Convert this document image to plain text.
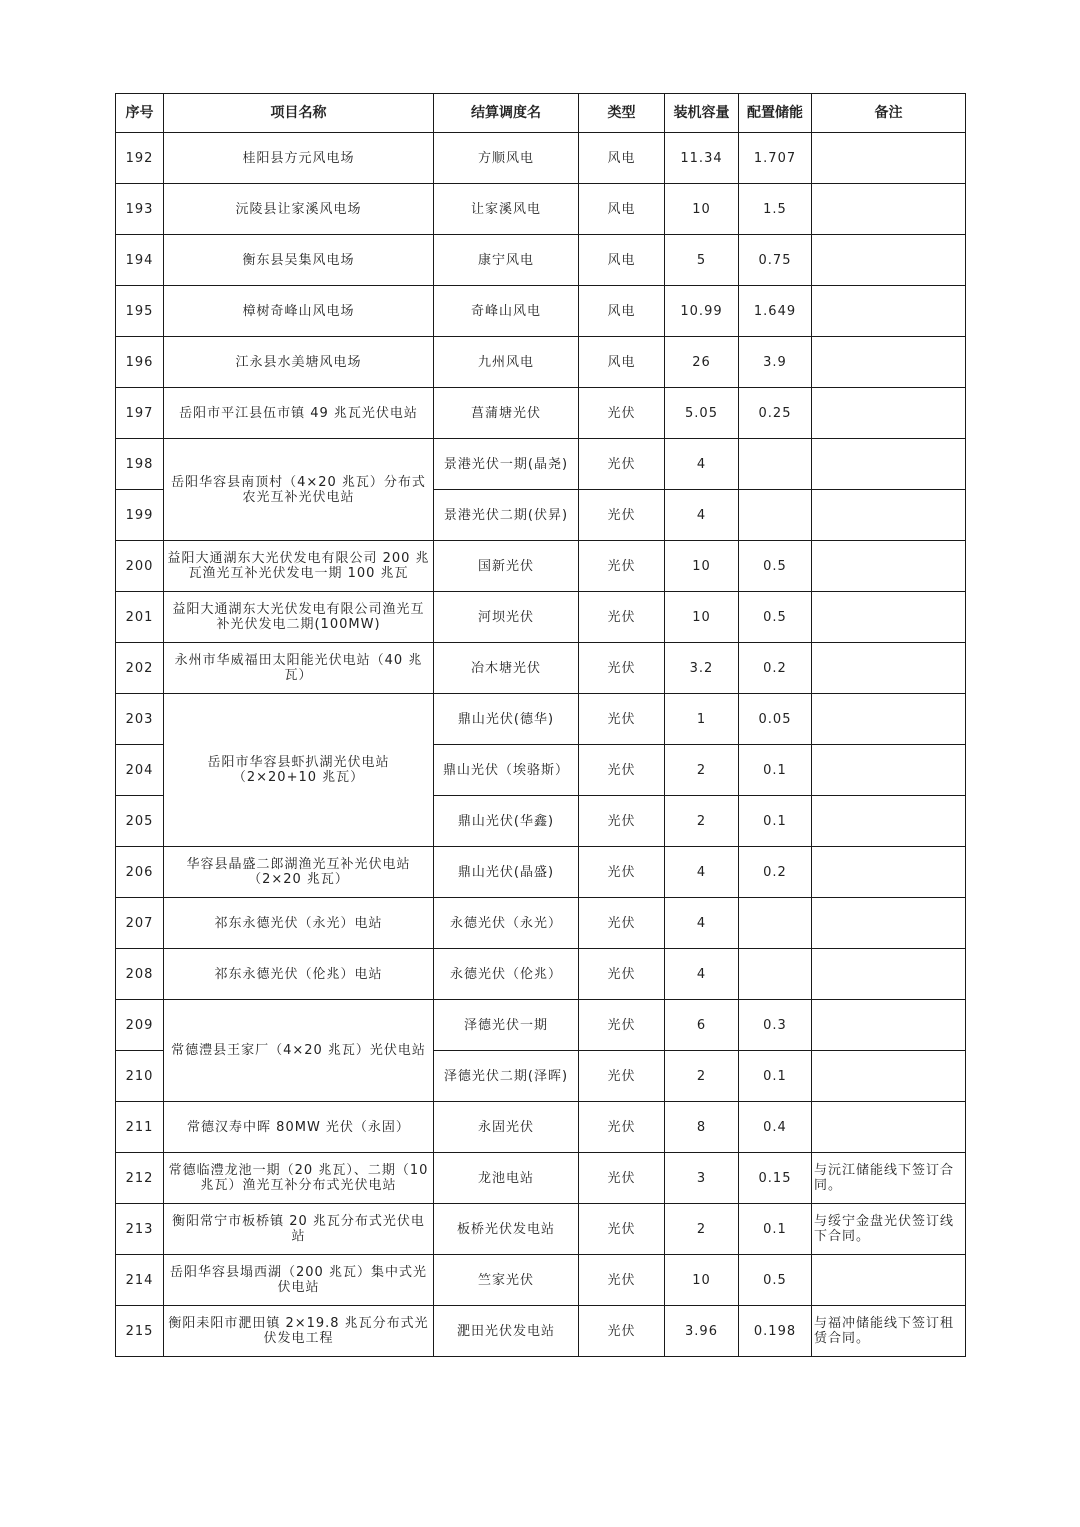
序号	项目名称	结算调度名	类型	装机容量	配置储能	备注
192	桂阳县方元风电场	方顺风电	风电	11.34	1.707	
193	沅陵县让家溪风电场	让家溪风电	风电	10	1.5	
194	衡东县吴集风电场	康宁风电	风电	5	0.75	
195	樟树奇峰山风电场	奇峰山风电	风电	10.99	1.649	
196	江永县水美塘风电场	九州风电	风电	26	3.9	
197	岳阳市平江县伍市镇 49 兆瓦光伏电站	菖蒲塘光伏	光伏	5.05	0.25	
198	岳阳华容县南顶村（4×20 兆瓦）分布式农光互补光伏电站	景港光伏一期(晶尧)	光伏	4		
199		景港光伏二期(伏昇)	光伏	4		
200	益阳大通湖东大光伏发电有限公司 200 兆瓦渔光互补光伏发电一期 100 兆瓦	国新光伏	光伏	10	0.5	
201	益阳大通湖东大光伏发电有限公司渔光互补光伏发电二期(100MW)	河坝光伏	光伏	10	0.5	
202	永州市华威福田太阳能光伏电站（40 兆瓦）	冶木塘光伏	光伏	3.2	0.2	
203	岳阳市华容县虾扒湖光伏电站（2×20+10 兆瓦）	鼎山光伏(德华)	光伏	1	0.05	
204		鼎山光伏（埃骆斯）	光伏	2	0.1	
205		鼎山光伏(华鑫)	光伏	2	0.1	
206	华容县晶盛二郎湖渔光互补光伏电站（2×20 兆瓦）	鼎山光伏(晶盛)	光伏	4	0.2	
207	祁东永德光伏（永光）电站	永德光伏（永光）	光伏	4		
208	祁东永德光伏（伦兆）电站	永德光伏（伦兆）	光伏	4		
209	常德澧县王家厂（4×20 兆瓦）光伏电站	泽德光伏一期	光伏	6	0.3	
210		泽德光伏二期(泽晖)	光伏	2	0.1	
211	常德汉寿中晖 80MW 光伏（永固）	永固光伏	光伏	8	0.4	
212	常德临澧龙池一期（20 兆瓦）、二期（10 兆瓦）渔光互补分布式光伏电站	龙池电站	光伏	3	0.15	与沅江储能线下签订合同。
213	衡阳常宁市板桥镇 20 兆瓦分布式光伏电站	板桥光伏发电站	光伏	2	0.1	与绥宁金盘光伏签订线下合同。
214	岳阳华容县塌西湖（200 兆瓦）集中式光伏电站	竺家光伏	光伏	10	0.5	
215	衡阳耒阳市淝田镇 2×19.8 兆瓦分布式光伏发电工程	淝田光伏发电站	光伏	3.96	0.198	与福冲储能线下签订租赁合同。
